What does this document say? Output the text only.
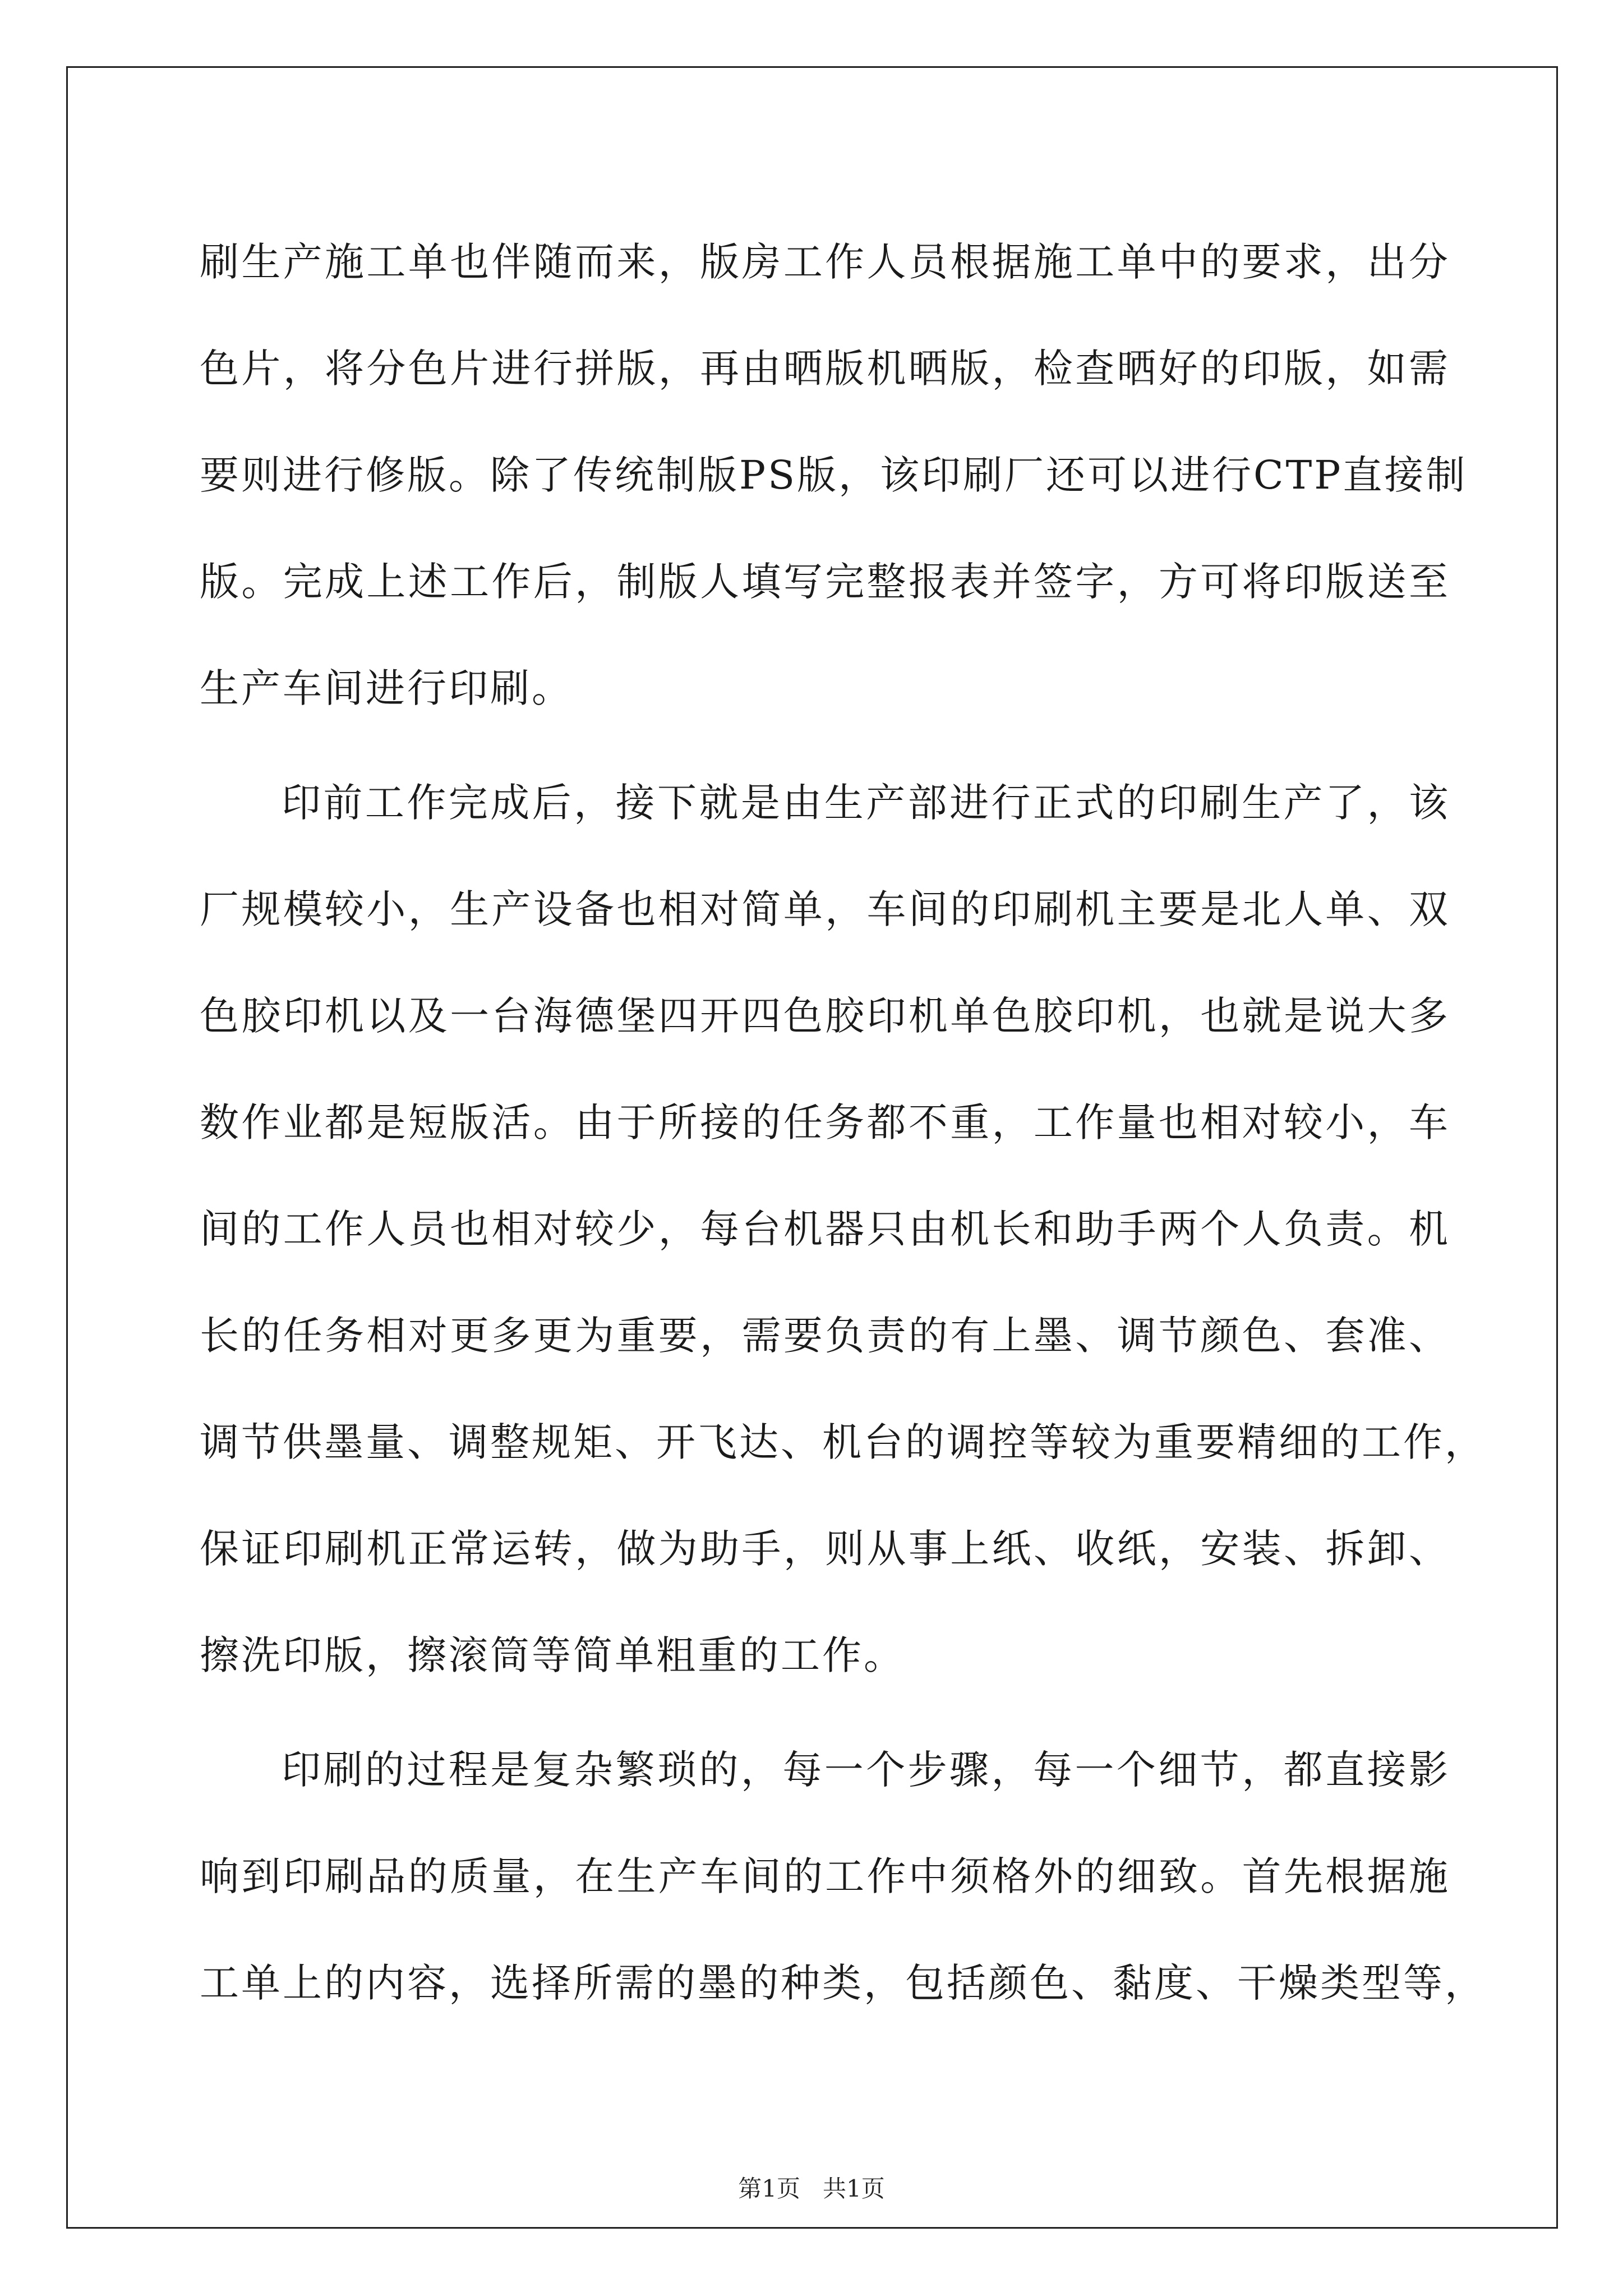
刷生产施工单也伴随而来，版房工作人员根据施工单中的要求，出分
色片，将分色片进行拼版，再由晒版机晒版，检查晒好的印版，如需
要则进行修版。除了传统制版PS版，该印刷厂还可以进行CTP直接制
版。完成上述工作后，制版人填写完整报表并签字，方可将印版送至
生产车间进行印刷。
印前工作完成后，接下就是由生产部进行正式的印刷生产了，该
厂规模较小，生产设备也相对简单，车间的印刷机主要是北人单、双
色胶印机以及一台海德堡四开四色胶印机单色胶印机，也就是说大多
数作业都是短版活。由于所接的任务都不重，工作量也相对较小，车
间的工作人员也相对较少，每台机器只由机长和助手两个人负责。机
长的任务相对更多更为重要，需要负责的有上墨、调节颜色、套准、
调节供墨量、调整规矩、开飞达、机台的调控等较为重要精细的工作，
保证印刷机正常运转，做为助手，则从事上纸、收纸，安装、拆卸、
擦洗印版，擦滚筒等简单粗重的工作。
印刷的过程是复杂繁琐的，每一个步骤，每一个细节，都直接影
响到印刷品的质量，在生产车间的工作中须格外的细致。首先根据施
工单上的内容，选择所需的墨的种类，包括颜色、黏度、干燥类型等，
第1页 共1页
